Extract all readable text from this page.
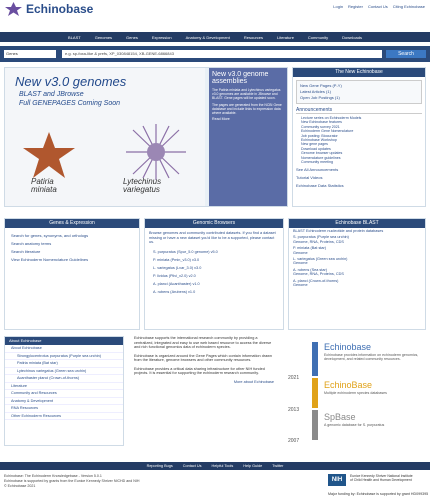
Echinobase	Login Register Contact Us Citing Echinobase
BLAST	Genomes	Genes	Expression	Anatomy & Development	Resources	Literature	Community	Downloads
Genes	e.g. sp-foxa-like & prefs, XP_030848154, XB-GENE-6866843	Search
New v3.0 genomes
BLAST and JBrowse
Full GENEPAGES Coming Soon
Patiria
miniata
Lytechinus
variegatus
New v3.0 genome assemblies

The Patiria miniata and Lytechinus variegatus v3.0 genomes are available in JBrowse and BLAST. Gene pages will be updated soon.

The pages are generated from the NCBI Gene database and include links to expression data where available.

Read More
The New Echinobase
New Gene Pages (P-Y)
Latest Articles (1)
Open Job Postings (1)
Announcements
Lecture series on Echinoderm Models
New Echinobase features
Community survey 2021
Echinoderm Gene Nomenclature
Job posting: Biocurator
Echinobase Workshop
New gene pages
Download updates
Genome browser updates
Nomenclature guidelines
Community meeting
See All Announcements
Tutorial Videos
Echinobase Data Statistics
Genes & Expression
Search for genes, synonyms, and orthologs
Search anatomy terms
Search literature
View Echinoderm Nomenclature Guidelines
Genomic Browsers
Browse genomes and community contributed datasets. If you find a dataset missing or have a new dataset you'd like to be a supported, please contact us.
S. purpuratus (Spur_5.0 genome) v5.0
P. miniata (Pmin_v3.0) v3.0
L. variegatus (Lvar_3.0) v3.0
P. lividus (Plivi_v2.0) v2.0
A. planci (Acanthaster) v1.0
A. rubens (Arubens) v1.0
Echinobase BLAST
BLAST Echinoderm nucleotide and protein databases
S. purpuratus (Purple sea urchin)
Genome, RNA, Proteins, CDS
P. miniata (Bat star)
Genome
L. variegatus (Green sea urchin)
Genome
A. rubens (Sea star)
Genome, RNA, Proteins, CDS
A. planci (Crown-of-thorns)
Genome
About Echinobase
About Echinobase
Strongylocentrotus purpuratus (Purple sea urchin)
Patiria miniata (Bat star)
Lytechinus variegatus (Green sea urchin)
Acanthaster planci (Crown-of-thorns)
Literature
Community and Resources
Anatomy & Development
RNA Resources
Other Echinoderm Resources

Echinobase supports the international research community by providing a centralized, integrated and easy to use web based resource to access the diverse and rich functional genomics data of echinoderm species.

Echinobase is organized around the Gene Pages which contain information drawn from the literature, genome browsers and other community resources.

Echinobase provides a critical data sharing infrastructure for other NIH funded projects. It is essential for supporting the echinoderm research community.

More about Echinobase
2021
2013
2007
Echinobase
EchinoBase
SpBase
Echinobase provides information on echinoderm genomics, development, and related community resources.
Multiple echinoderm species databases
A genomic database for S. purpuratus
Reporting Bugs	Contact Us	Helpful Tools	Help Guide	Twitter
Echinobase: The Echinoderm Knowledgebase - Version 5.0.1
Echinobase is supported by grants from the Eunice Kennedy Shriver NICHD and NIH
© Echinobase 2021
NIH
Eunice Kennedy Shriver National Institute
of Child Health and Human Development
Major funding by: Echinobase is supported by grant HD099395
